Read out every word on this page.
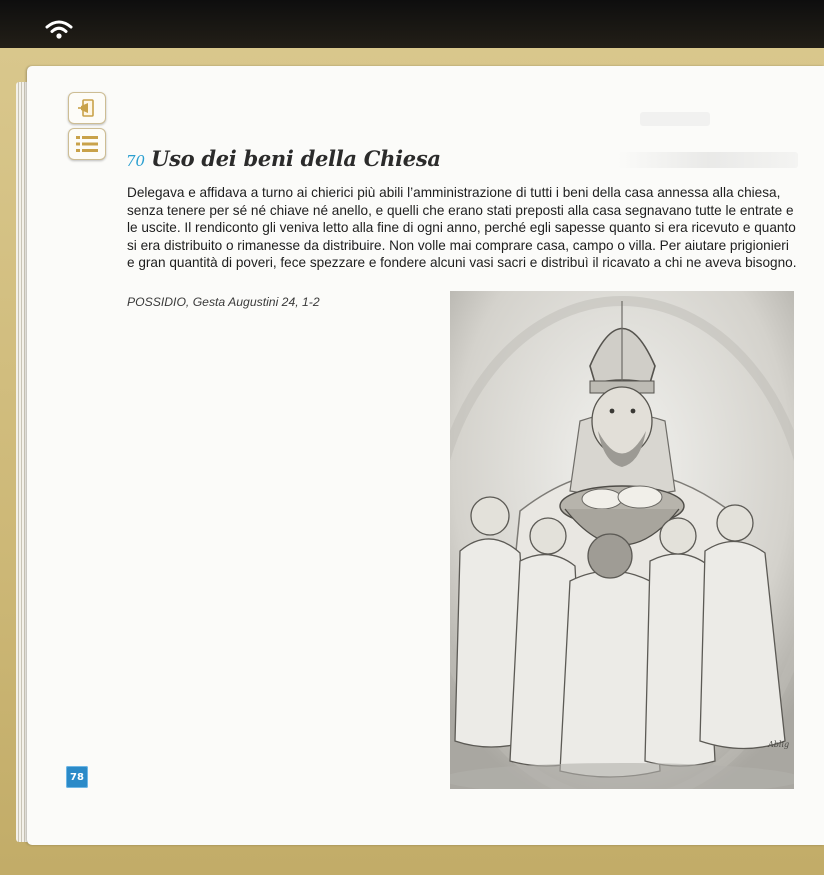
70 Uso dei beni della Chiesa

Delegava e affidava a turno ai chierici più abili l’amministrazione di tutti i beni della casa annessa alla chiesa, senza tenere per sé né chiave né anello, e quelli che erano stati preposti alla casa segnavano tutte le entrate e le uscite. Il rendiconto gli veniva letto alla fine di ogni anno, perché egli sapesse quanto si era ricevuto e quanto si era distribuito o rimanesse da distribuire. Non volle mai comprare casa, campo o villa. Per aiutare prigionieri e gran quantità di poveri, fece spezzare e fondere alcuni vasi sacri e distribuì il ricavato a chi ne aveva bisogno.

POSSIDIO, Gesta Augustini 24, 1-2
Ablig
78
